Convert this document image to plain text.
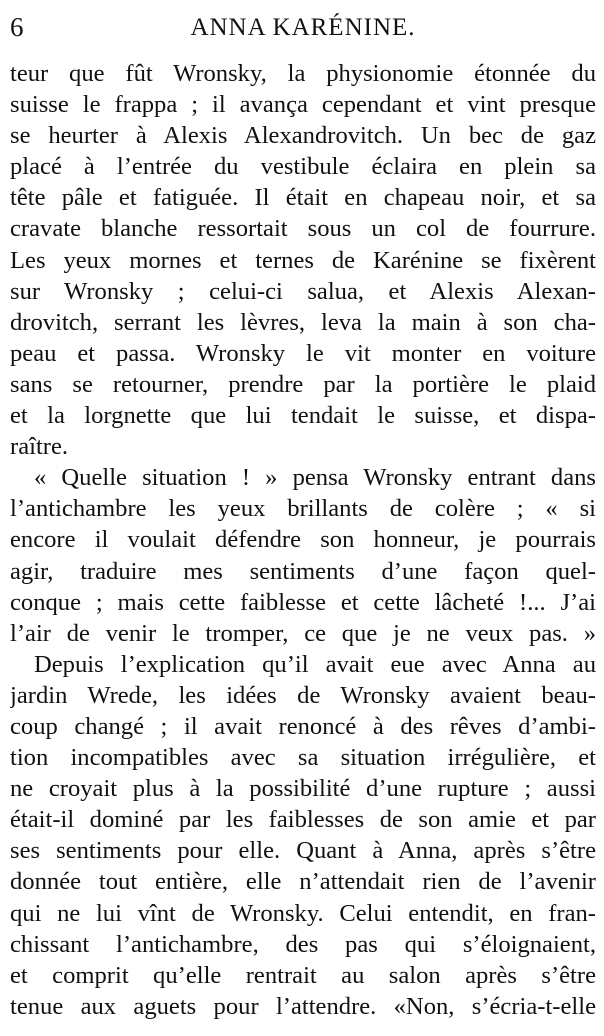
6	ANNA KARÉNINE.
teur que fût Wronsky, la physionomie étonnée du
suisse le frappa ; il avança cependant et vint presque
se heurter à Alexis Alexandrovitch. Un bec de gaz
placé à l’entrée du vestibule éclaira en plein sa
tête pâle et fatiguée. Il était en chapeau noir, et sa
cravate blanche ressortait sous un col de fourrure.
Les yeux mornes et ternes de Karénine se fixèrent
sur Wronsky ; celui-ci salua, et Alexis Alexan-
drovitch, serrant les lèvres, leva la main à son cha-
peau et passa. Wronsky le vit monter en voiture
sans se retourner, prendre par la portière le plaid
et la lorgnette que lui tendait le suisse, et dispa-
raître.
« Quelle situation ! » pensa Wronsky entrant dans
l’antichambre les yeux brillants de colère ; « si
encore il voulait défendre son honneur, je pourrais
agir, traduire mes sentiments d’une façon quel-
conque ; mais cette faiblesse et cette lâcheté !... J’ai
l’air de venir le tromper, ce que je ne veux pas. »
Depuis l’explication qu’il avait eue avec Anna au
jardin Wrede, les idées de Wronsky avaient beau-
coup changé ; il avait renoncé à des rêves d’ambi-
tion incompatibles avec sa situation irrégulière, et
ne croyait plus à la possibilité d’une rupture ; aussi
était-il dominé par les faiblesses de son amie et par
ses sentiments pour elle. Quant à Anna, après s’être
donnée tout entière, elle n’attendait rien de l’avenir
qui ne lui vînt de Wronsky. Celui entendit, en fran-
chissant l’antichambre, des pas qui s’éloignaient,
et comprit qu’elle rentrait au salon après s’être
tenue aux aguets pour l’attendre. «Non, s’écria-t-elle
